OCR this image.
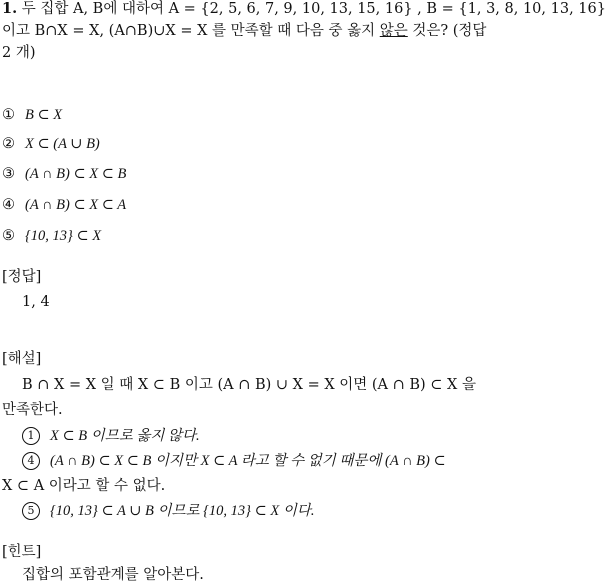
1. 두 집합 A, B에 대하여 A = {2, 5, 6, 7, 9, 10, 13, 15, 16} , B = {1, 3, 8, 10, 13, 16}
이고 B∩X = X, (A∩B)∪X = X 를 만족할 때 다음 중 옳지 않은 것은? (정답
2 개)
① B ⊂ X
② X ⊂ (A ∪ B)
③ (A ∩ B) ⊂ X ⊂ B
④ (A ∩ B) ⊂ X ⊂ A
⑤ {10, 13} ⊂ X
[정답]
1, 4
[해설]
B ∩ X = X 일 때 X ⊂ B 이고 (A ∩ B) ∪ X = X 이면 (A ∩ B) ⊂ X 을
만족한다.
1 X ⊂ B 이므로 옳지 않다.
4 (A ∩ B) ⊂ X ⊂ B 이지만 X ⊂ A 라고 할 수 없기 때문에 (A ∩ B) ⊂
X ⊂ A 이라고 할 수 없다.
5 {10, 13} ⊂ A ∪ B 이므로 {10, 13} ⊂ X 이다.
[힌트]
집합의 포함관계를 알아본다.
